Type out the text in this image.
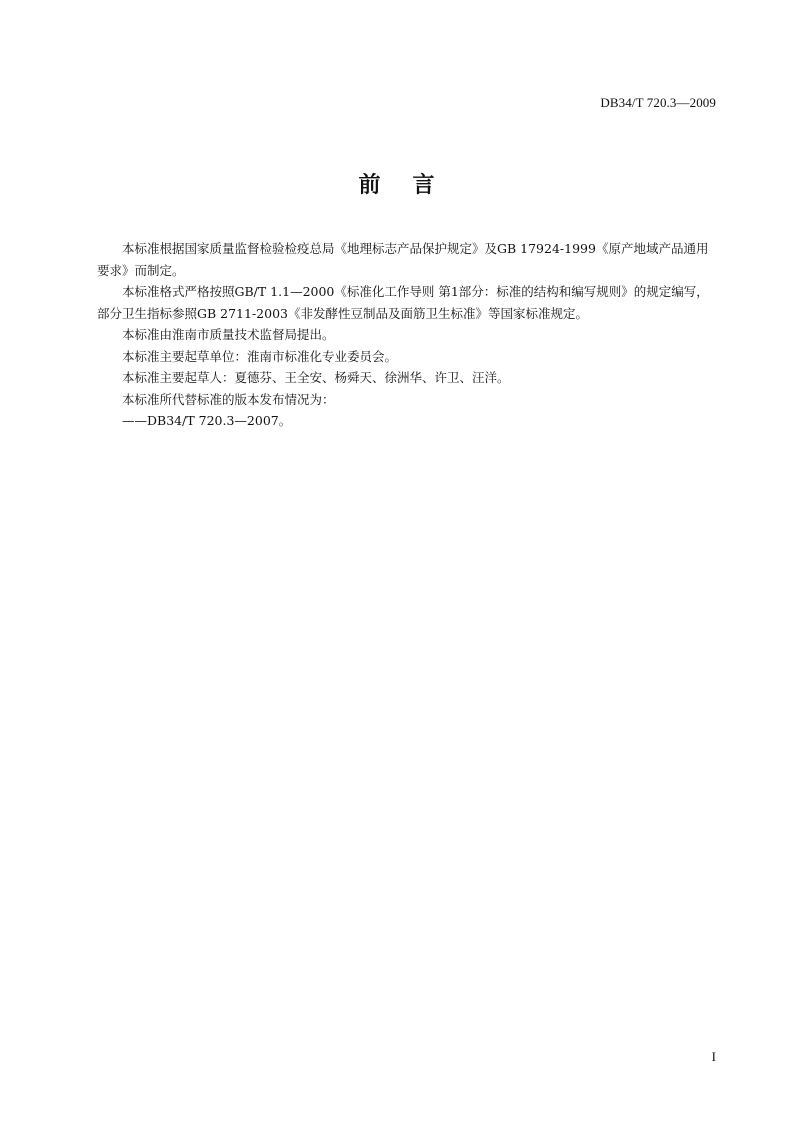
DB34/T 720.3—2009
前 言

本标准根据国家质量监督检验检疫总局《地理标志产品保护规定》及GB 17924-1999《原产地域产品通用要求》而制定。

本标准格式严格按照GB/T 1.1—2000《标准化工作导则 第1部分：标准的结构和编写规则》的规定编写，部分卫生指标参照GB 2711-2003《非发酵性豆制品及面筋卫生标准》等国家标准规定。

本标准由淮南市质量技术监督局提出。

本标准主要起草单位：淮南市标准化专业委员会。

本标准主要起草人：夏德芬、王全安、杨舜天、徐洲华、许卫、汪洋。

本标准所代替标准的版本发布情况为：

——DB34/T 720.3—2007。

I
